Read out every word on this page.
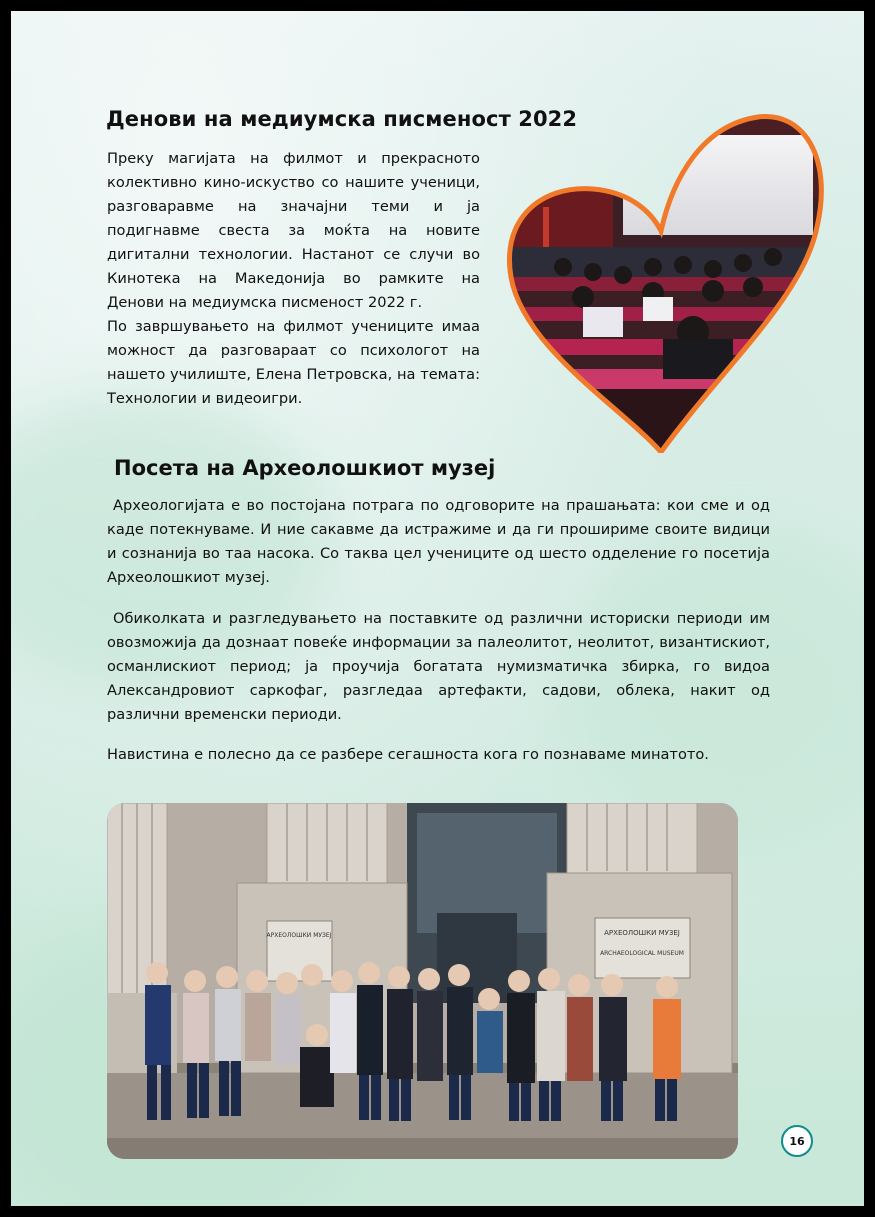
Денови на медиумска писменост 2022

Преку магијата на филмот и прекрасното
колективно кино-искуство со нашите ученици,
разговаравме на значајни теми и ја
подигнавме свеста за моќта на новите
дигитални технологии. Настанот се случи во
Кинотека на Македонија во рамките на
Денови на медиумска писменост 2022 г.
По завршувањето на филмот учениците имаа
можност да разговараат со психологот на
нашето училиште, Елена Петровска, на темата:
Технологии и видеоигри.

Посета на Археолошкиот музеј

Археологијата е во постојана потрага по одговорите на прашањата: кои сме и од каде потекнуваме. И ние сакавме да истражиме и да ги прошириме своите видици и сознанија во таа насока. Со таква цел учениците од шесто одделение го посетија Археолошкиот музеј.

Обиколката и разгледувањето на поставките од различни историски периоди им овозможија да дознаат повеќе информации за палеолитот, неолитот, византискиот, османлискиот период; ја проучија богатата нумизматичка збирка, го видоа Александровиот саркофаг, разгледаа артефакти, садови, облека, накит од различни временски периоди.

Навистина е полесно да се разбере сегашноста кога го познаваме минатото.

АРХЕОЛОШКИ МУЗЕЈ	АРХЕОЛОШКИ МУЗЕЈ
ARCHAEOLOGICAL MUSEUM
16
